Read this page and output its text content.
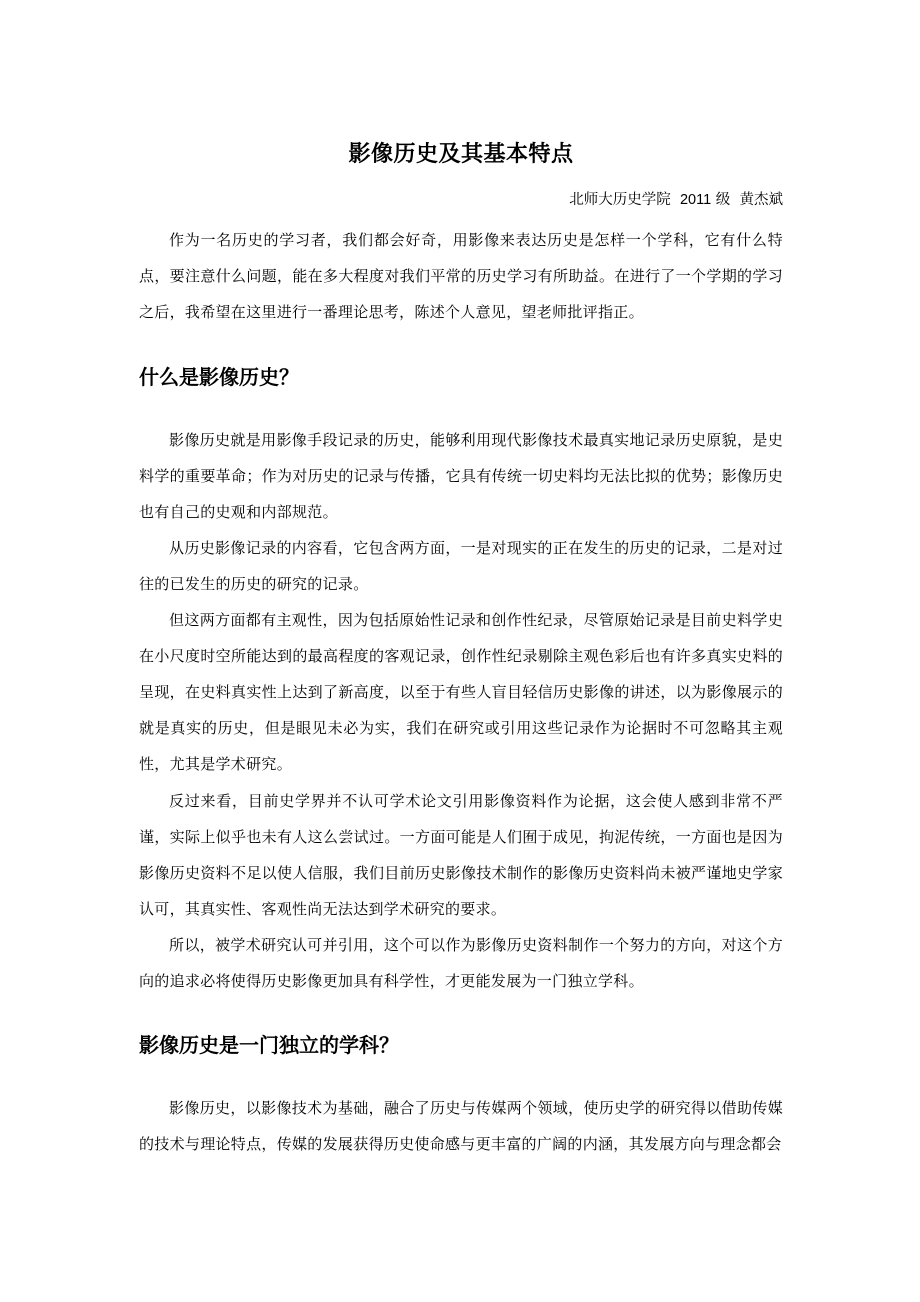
影像历史及其基本特点

北师大历史学院 2011 级 黄杰斌

作为一名历史的学习者，我们都会好奇，用影像来表达历史是怎样一个学科，它有什么特点，要注意什么问题，能在多大程度对我们平常的历史学习有所助益。在进行了一个学期的学习之后，我希望在这里进行一番理论思考，陈述个人意见，望老师批评指正。

什么是影像历史？

影像历史就是用影像手段记录的历史，能够利用现代影像技术最真实地记录历史原貌，是史料学的重要革命；作为对历史的记录与传播，它具有传统一切史料均无法比拟的优势；影像历史也有自己的史观和内部规范。

从历史影像记录的内容看，它包含两方面，一是对现实的正在发生的历史的记录，二是对过往的已发生的历史的研究的记录。

但这两方面都有主观性，因为包括原始性记录和创作性纪录，尽管原始记录是目前史料学史在小尺度时空所能达到的最高程度的客观记录，创作性纪录剔除主观色彩后也有许多真实史料的呈现，在史料真实性上达到了新高度，以至于有些人盲目轻信历史影像的讲述，以为影像展示的就是真实的历史，但是眼见未必为实，我们在研究或引用这些记录作为论据时不可忽略其主观性，尤其是学术研究。

反过来看，目前史学界并不认可学术论文引用影像资料作为论据，这会使人感到非常不严谨，实际上似乎也未有人这么尝试过。一方面可能是人们囿于成见，拘泥传统，一方面也是因为影像历史资料不足以使人信服，我们目前历史影像技术制作的影像历史资料尚未被严谨地史学家认可，其真实性、客观性尚无法达到学术研究的要求。

所以，被学术研究认可并引用，这个可以作为影像历史资料制作一个努力的方向，对这个方向的追求必将使得历史影像更加具有科学性，才更能发展为一门独立学科。

影像历史是一门独立的学科？

影像历史，以影像技术为基础，融合了历史与传媒两个领域，使历史学的研究得以借助传媒的技术与理论特点，传媒的发展获得历史使命感与更丰富的广阔的内涵，其发展方向与理念都会
